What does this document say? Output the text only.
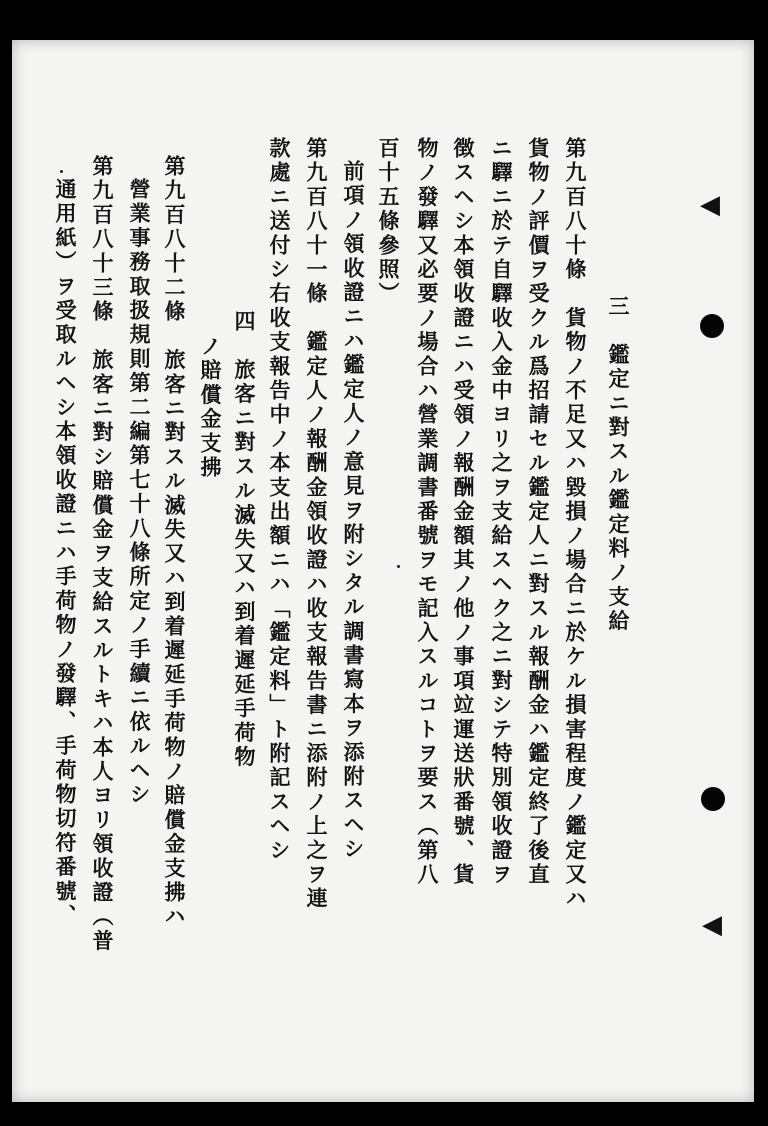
三　鑑定ニ對スル鑑定料ノ支給
第九百八十條　貨物ノ不足又ハ毀損ノ場合ニ於ケル損害程度ノ鑑定又ハ
貨物ノ評價ヲ受クル爲招請セル鑑定人ニ對スル報酬金ハ鑑定終了後直
ニ驛ニ於テ自驛收入金中ヨリ之ヲ支給スヘク之ニ對シテ特別領收證ヲ
徴スヘシ本領收證ニハ受領ノ報酬金額其ノ他ノ事項竝運送狀番號、貨
物ノ發驛又必要ノ場合ハ營業調書番號ヲモ記入スルコトヲ要ス（第八
百十五條參照）
前項ノ領收證ニハ鑑定人ノ意見ヲ附シタル調書寫本ヲ添附スヘシ
第九百八十一條　鑑定人ノ報酬金領收證ハ收支報告書ニ添附ノ上之ヲ連
款處ニ送付シ右收支報告中ノ本支出額ニハ「鑑定料」ト附記スヘシ
四　旅客ニ對スル滅失又ハ到着遲延手荷物
ノ賠償金支拂
第九百八十二條　旅客ニ對スル滅失又ハ到着遲延手荷物ノ賠償金支拂ハ
營業事務取扱規則第二編第七十八條所定ノ手續ニ依ルヘシ
第九百八十三條　旅客ニ對シ賠償金ヲ支給スルトキハ本人ヨリ領收證（普
通用紙）ヲ受取ルヘシ本領收證ニハ手荷物ノ發驛、手荷物切符番號、	◀
◀
